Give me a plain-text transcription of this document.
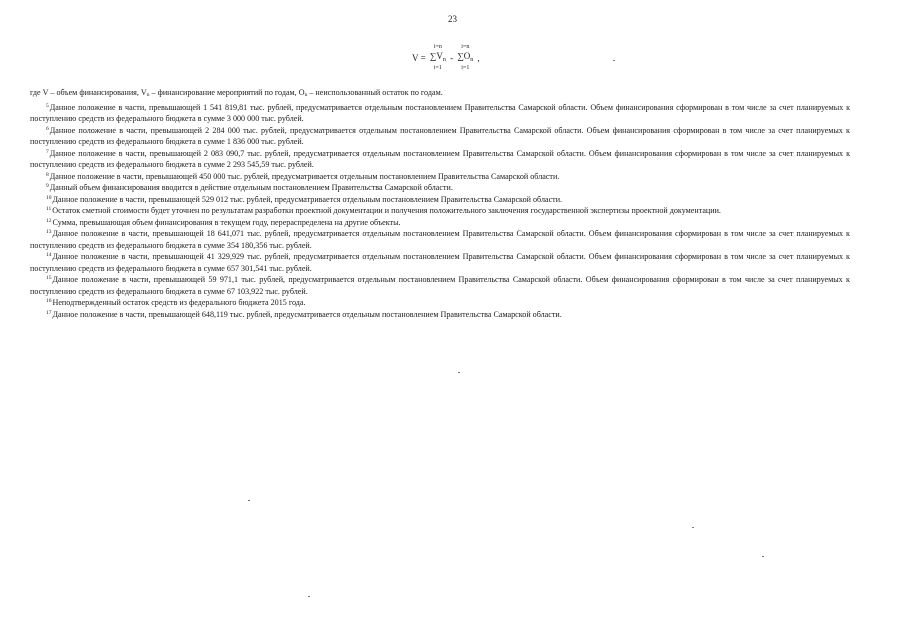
23
V =
i=n
$\sum V_n$
i=1
-
i=n
$\sum O_n$
i=1
,

где V – объем финансирования, Vn – финансирование мероприятий по годам, On – неиспользованный остаток по годам.

$^5$Данное положение в части, превышающей 1 541 819,81 тыс. рублей, предусматривается отдельным постановлением Правительства Самарской области. Объем финансирования сформирован в том числе за счет планируемых к поступлению средств из федерального бюджета в сумме 3 000 000 тыс. рублей.

$^6$Данное положение в части, превышающей 2 284 000 тыс. рублей, предусматривается отдельным постановлением Правительства Самарской области. Объем финансирования сформирован в том числе за счет планируемых к поступлению средств из федерального бюджета в сумме 1 836 000 тыс. рублей.

$^7$Данное положение в части, превышающей 2 083 090,7 тыс. рублей, предусматривается отдельным постановлением Правительства Самарской области. Объем финансирования сформирован в том числе за счет планируемых к поступлению средств из федерального бюджета в сумме 2 293 545,59 тыс. рублей.

$^8$Данное положение в части, превышающей 450 000 тыс. рублей, предусматривается отдельным постановлением Правительства Самарской области.

$^9$Данный объем финансирования вводится в действие отдельным постановлением Правительства Самарской области.

$^{10}$Данное положение в части, превышающей 529 012 тыс. рублей, предусматривается отдельным постановлением Правительства Самарской области.

$^{11}$Остаток сметной стоимости будет уточнен по результатам разработки проектной документации и получения положительного заключения государственной экспертизы проектной документации.

$^{12}$Сумма, превышающая объем финансирования в текущем году, перераспределена на другие объекты.

$^{13}$Данное положение в части, превышающей 18 641,071 тыс. рублей, предусматривается отдельным постановлением Правительства Самарской области. Объем финансирования сформирован в том числе за счет планируемых к поступлению средств из федерального бюджета в сумме 354 180,356 тыс. рублей.

$^{14}$Данное положение в части, превышающей 41 329,929 тыс. рублей, предусматривается отдельным постановлением Правительства Самарской области. Объем финансирования сформирован в том числе за счет планируемых к поступлению средств из федерального бюджета в сумме 657 301,541 тыс. рублей.

$^{15}$Данное положение в части, превышающей 59 971,1 тыс. рублей, предусматривается отдельным постановлением Правительства Самарской области. Объем финансирования сформирован в том числе за счет планируемых к поступлению средств из федерального бюджета в сумме 67 103,922 тыс. рублей.

$^{16}$Неподтвержденный остаток средств из федерального бюджета 2015 года.

$^{17}$Данное положение в части, превышающей 648,119 тыс. рублей, предусматривается отдельным постановлением Правительства Самарской области.
